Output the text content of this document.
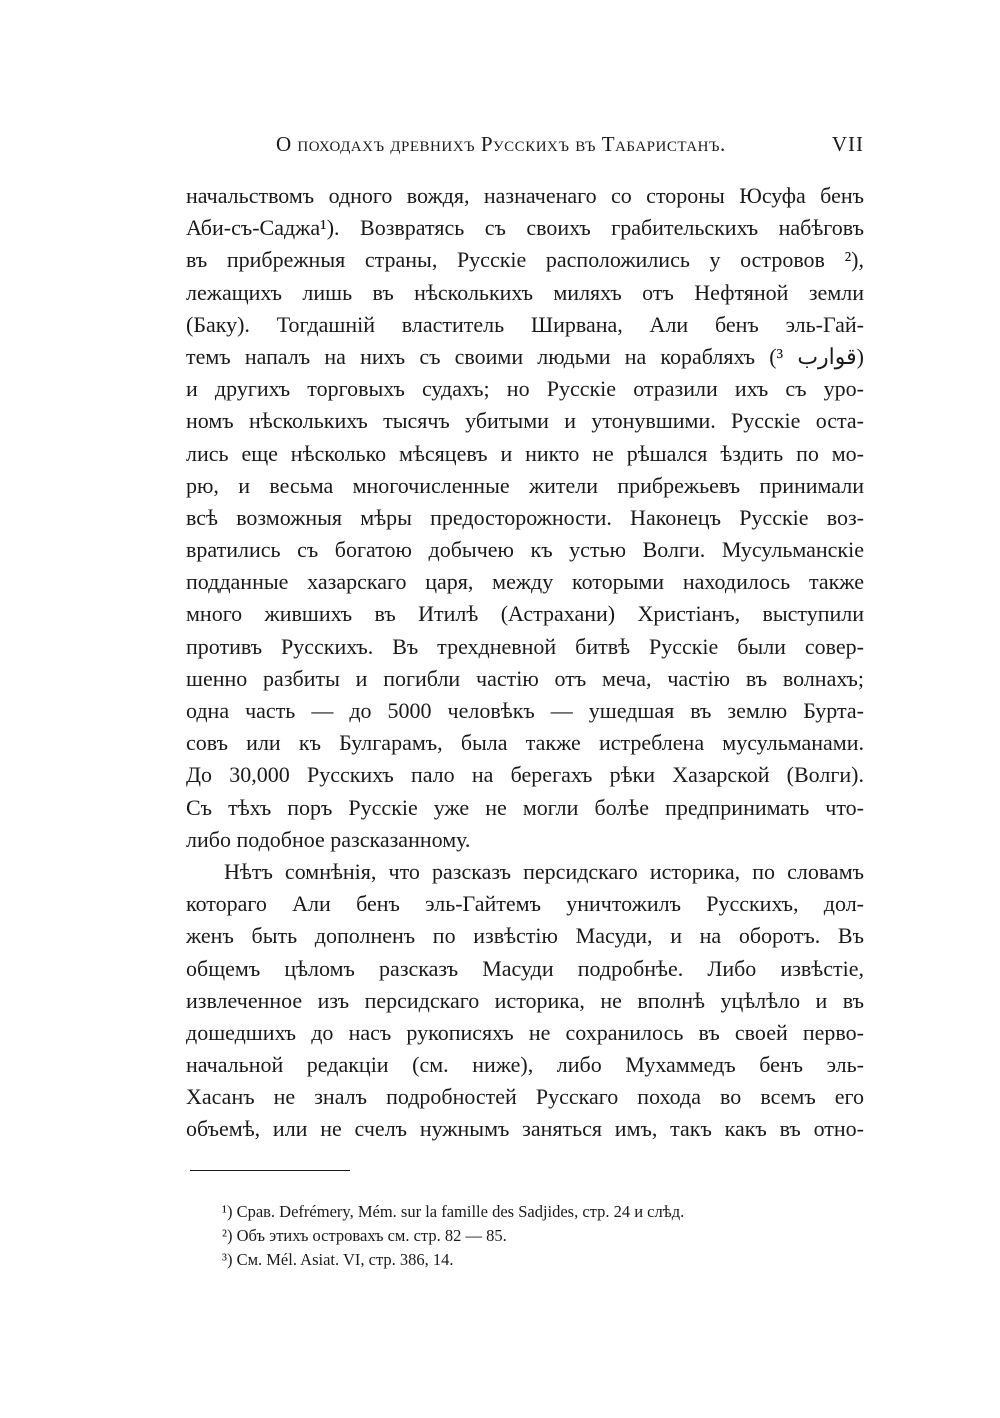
О походахъ древнихъ Русскихъ въ Табаристанъ.	VII
начальствомъ одного вождя, назначенаго со стороны Юсуфа бенъ
Аби-съ-Саджа¹). Возвратясь съ своихъ грабительскихъ набѣговъ
въ прибрежныя страны, Русскіе расположились у островов ²),
лежащихъ лишь въ нѣсколькихъ миляхъ отъ Нефтяной земли
(Баку). Тогдашній властитель Ширвана, Али бенъ эль-Гай-
темъ напалъ на нихъ съ своими людьми на корабляхъ (قوارب ³)
и другихъ торговыхъ судахъ; но Русскіе отразили ихъ съ уро-
номъ нѣсколькихъ тысячъ убитыми и утонувшими. Русскіе оста-
лись еще нѣсколько мѣсяцевъ и никто не рѣшался ѣздить по мо-
рю, и весьма многочисленные жители прибрежьевъ принимали
всѣ возможныя мѣры предосторожности. Наконецъ Русскіе воз-
вратились съ богатою добычею къ устью Волги. Мусульманскіе
подданные хазарскаго царя, между которыми находилось также
много жившихъ въ Итилѣ (Астрахани) Христіанъ, выступили
противъ Русскихъ. Въ трехдневной битвѣ Русскіе были совер-
шенно разбиты и погибли частію отъ меча, частію въ волнахъ;
одна часть — до 5000 человѣкъ — ушедшая въ землю Бурта-
совъ или къ Булгарамъ, была также истреблена мусульманами.
До 30,000 Русскихъ пало на берегахъ рѣки Хазарской (Волги).
Съ тѣхъ поръ Русскіе уже не могли болѣе предпринимать что-
либо подобное разсказанному.
Нѣтъ сомнѣнія, что разсказъ персидскаго историка, по словамъ
котораго Али бенъ эль-Гайтемъ уничтожилъ Русскихъ, дол-
женъ быть дополненъ по извѣстію Масуди, и на оборотъ. Въ
общемъ цѣломъ разсказъ Масуди подробнѣе. Либо извѣстіе,
извлеченное изъ персидскаго историка, не вполнѣ уцѣлѣло и въ
дошедшихъ до насъ рукописяхъ не сохранилось въ своей перво-
начальной редакціи (см. ниже), либо Мухаммедъ бенъ эль-
Хасанъ не зналъ подробностей Русскаго похода во всемъ его
объемѣ, или не счелъ нужнымъ заняться имъ, такъ какъ въ отно-
¹) Срав. Defrémery, Mém. sur la famille des Sadjides, стр. 24 и слѣд.
²) Объ этихъ островахъ см. стр. 82 — 85.
³) См. Mél. Asiat. VI, стр. 386, 14.
